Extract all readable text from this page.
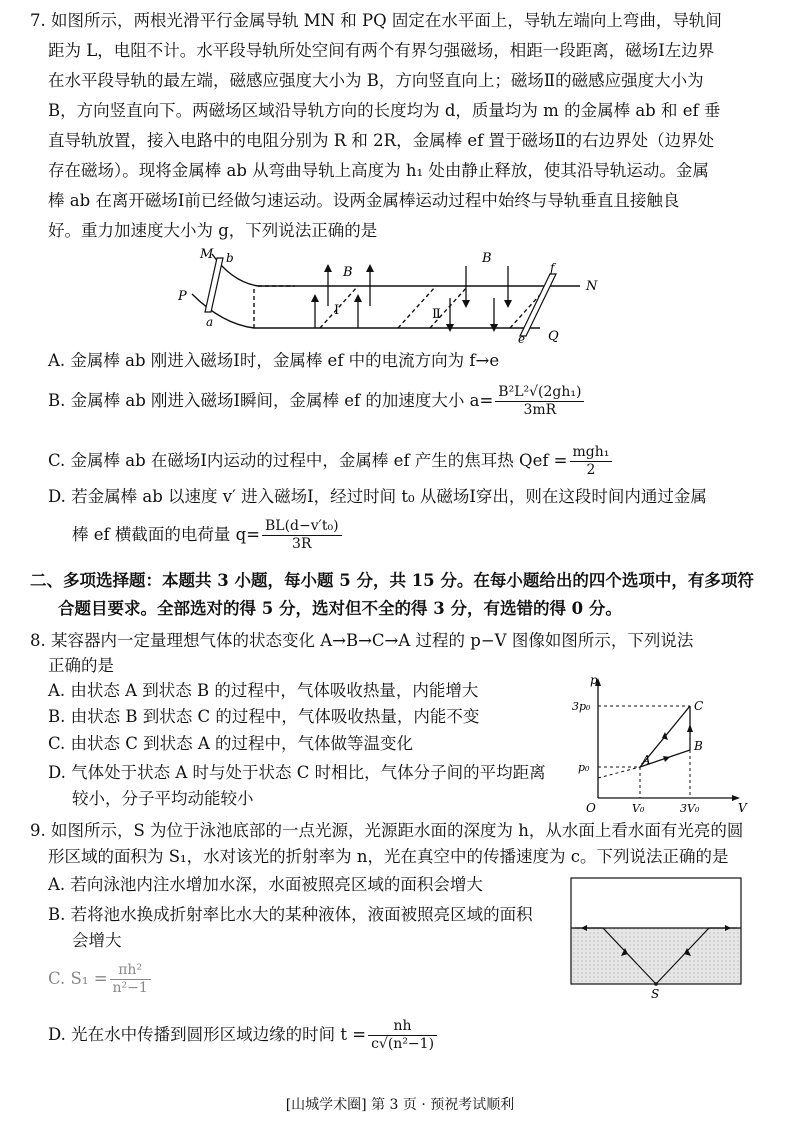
7. 如图所示，两根光滑平行金属导轨 MN 和 PQ 固定在水平面上，导轨左端向上弯曲，导轨间
距为 L，电阻不计。水平段导轨所处空间有两个有界匀强磁场，相距一段距离，磁场Ⅰ左边界
在水平段导轨的最左端，磁感应强度大小为 B，方向竖直向上；磁场Ⅱ的磁感应强度大小为
B，方向竖直向下。两磁场区域沿导轨方向的长度均为 d，质量均为 m 的金属棒 ab 和 ef 垂
直导轨放置，接入电路中的电阻分别为 R 和 2R，金属棒 ef 置于磁场Ⅱ的右边界处（边界处
存在磁场）。现将金属棒 ab 从弯曲导轨上高度为 h₁ 处由静止释放，使其沿导轨运动。金属
棒 ab 在离开磁场Ⅰ前已经做匀速运动。设两金属棒运动过程中始终与导轨垂直且接触良
好。重力加速度大小为 g，下列说法正确的是
M
P
b
a
B
B
Ⅰ	Ⅱ
f
e
N
Q
A. 金属棒 ab 刚进入磁场Ⅰ时，金属棒 ef 中的电流方向为 f→e
B. 金属棒 ab 刚进入磁场Ⅰ瞬间，金属棒 ef 的加速度大小 $a= \frac{\text{B²L²√(2gh₁)}}{3mR}$
C. 金属棒 ab 在磁场Ⅰ内运动的过程中，金属棒 ef 产生的焦耳热 Qef = $\frac{\text{mgh₁}}{2}$
D. 若金属棒 ab 以速度 v′ 进入磁场Ⅰ，经过时间 t₀ 从磁场Ⅰ穿出，则在这段时间内通过金属
棒 ef 横截面的电荷量 $q= \frac{\text{BL(d−v′t₀)}}{3R}$
二、多项选择题：本题共 3 小题，每小题 5 分，共 15 分。在每小题给出的四个选项中，有多项符
合题目要求。全部选对的得 5 分，选对但不全的得 3 分，有选错的得 0 分。
8. 某容器内一定量理想气体的状态变化 A→B→C→A 过程的 p−V 图像如图所示，下列说法
正确的是
A. 由状态 A 到状态 B 的过程中，气体吸收热量，内能增大
B. 由状态 B 到状态 C 的过程中，气体吸收热量，内能不变
C. 由状态 C 到状态 A 的过程中，气体做等温变化
D. 气体处于状态 A 时与处于状态 C 时相比，气体分子间的平均距离
较小，分子平均动能较小
p
V
O
3p₀
p₀
V₀	3V₀
A
B
C
9. 如图所示，S 为位于泳池底部的一点光源，光源距水面的深度为 h，从水面上看水面有光亮的圆
形区域的面积为 S₁，水对该光的折射率为 n，光在真空中的传播速度为 c。下列说法正确的是
A. 若向泳池内注水增加水深，水面被照亮区域的面积会增大
B. 若将池水换成折射率比水大的某种液体，液面被照亮区域的面积
会增大
C. $S_1 = \frac{\text{πh²}}{\text{n²−1}}$
D. 光在水中传播到圆形区域边缘的时间 $t = \frac{nh}{\text{c√(n²−1)}}$
S
[山城学术圈] 第 3 页 · 预祝考试顺利
